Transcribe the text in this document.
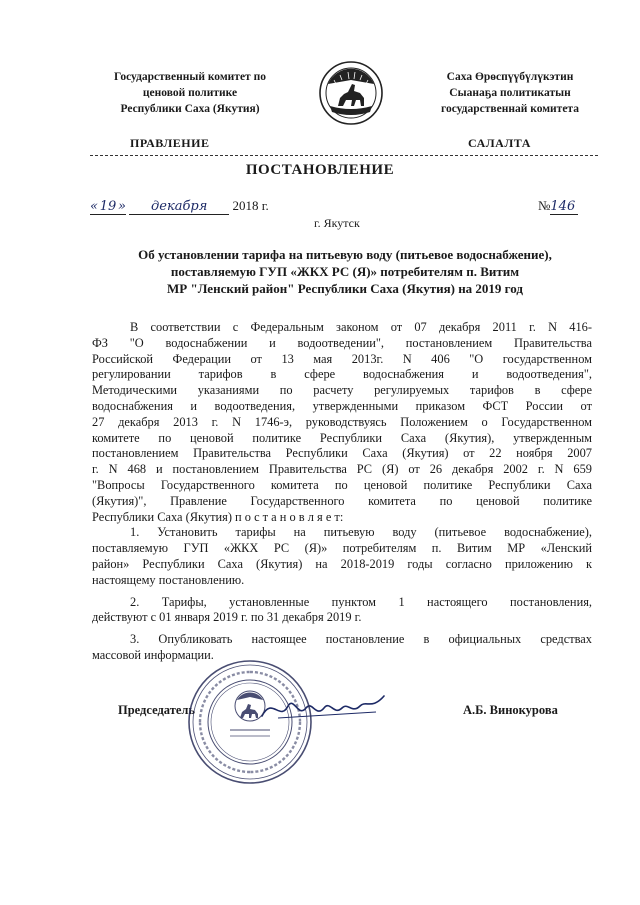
Государственный комитет по
ценовой политике
Республики Саха (Якутия)
Саха Өрөспүүбүлүкэтин
Сыанаҕа политикатын
государственнай комитета
ПРАВЛЕНИЕ	САЛАЛТА
ПОСТАНОВЛЕНИЕ
« 19 » декабря 2018 г.	№146
г. Якутск
Об установлении тарифа на питьевую воду (питьевое водоснабжение),
поставляемую ГУП «ЖКХ РС (Я)» потребителям п. Витим
МР "Ленский район" Республики Саха (Якутия) на 2019 год
В соответствии с Федеральным законом от 07 декабря 2011 г. N 416-
ФЗ "О водоснабжении и водоотведении", постановлением Правительства
Российской Федерации от 13 мая 2013г. N 406 "О государственном
регулировании тарифов в сфере водоснабжения и водоотведения",
Методическими указаниями по расчету регулируемых тарифов в сфере
водоснабжения и водоотведения, утвержденными приказом ФСТ России от
27 декабря 2013 г. N 1746-э, руководствуясь Положением о Государственном
комитете по ценовой политике Республики Саха (Якутия), утвержденным
постановлением Правительства Республики Саха (Якутия) от 22 ноября 2007
г. N 468 и постановлением Правительства РС (Я) от 26 декабря 2002 г. N 659
"Вопросы Государственного комитета по ценовой политике Республики Саха
(Якутия)", Правление Государственного комитета по ценовой политике
Республики Саха (Якутия) п о с т а н о в л я е т:
1. Установить тарифы на питьевую воду (питьевое водоснабжение),
поставляемую ГУП «ЖКХ РС (Я)» потребителям п. Витим МР «Ленский
район» Республики Саха (Якутия) на 2018-2019 годы согласно приложению к
настоящему постановлению.
2. Тарифы, установленные пунктом 1 настоящего постановления,
действуют с 01 января 2019 г. по 31 декабря 2019 г.
3. Опубликовать настоящее постановление в официальных средствах
массовой информации.
Председатель	А.Б. Винокурова
